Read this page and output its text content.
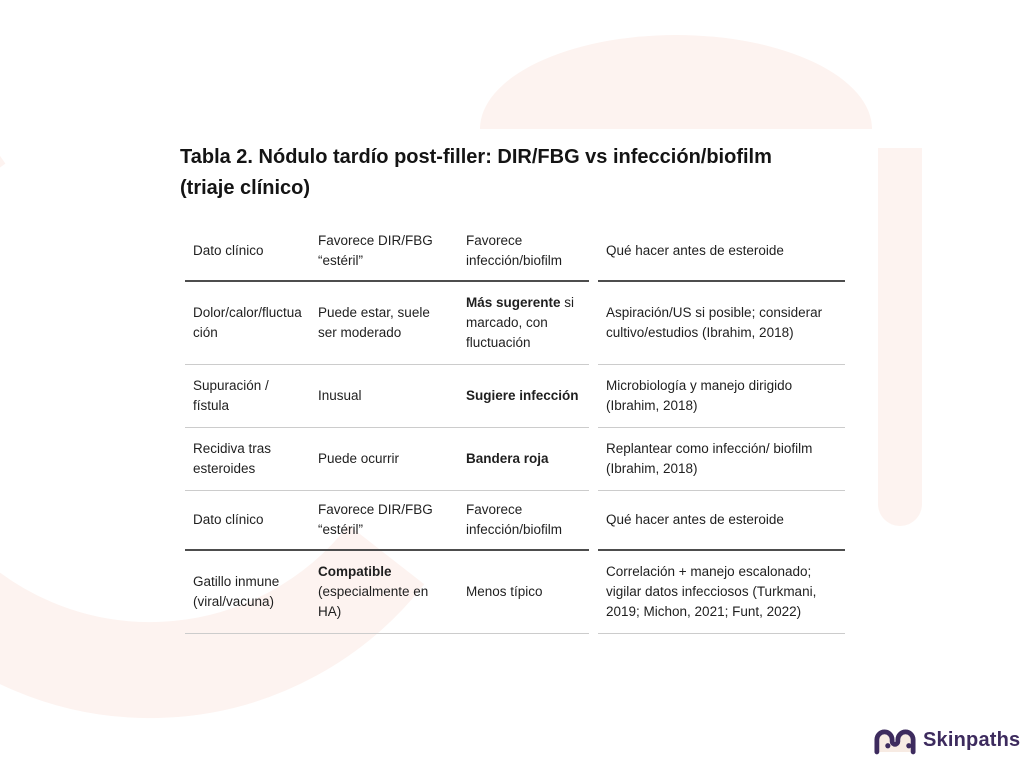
Tabla 2. Nódulo tardío post-filler: DIR/FBG vs infección/biofilm
(triaje clínico)
Dato clínico	Favorece DIR/FBG “estéril”	Favorece infección/biofilm		Qué hacer antes de esteroide
Dolor/calor/fluctuación	Puede estar, suele ser moderado	Más sugerente si marcado, con fluctuación		Aspiración/US si posible; considerar cultivo/estudios (Ibrahim, 2018)
Supuración / fístula	Inusual	Sugiere infección		Microbiología y manejo dirigido (Ibrahim, 2018)
Recidiva tras esteroides	Puede ocurrir	Bandera roja		Replantear como infección/ biofilm (Ibrahim, 2018)
Dato clínico	Favorece DIR/FBG “estéril”	Favorece infección/biofilm		Qué hacer antes de esteroide
Gatillo inmune (viral/vacuna)	Compatible (especialmente en HA)	Menos típico		Correlación + manejo escalonado; vigilar datos infecciosos (Turkmani, 2019; Michon, 2021; Funt, 2022)
Skinpaths
